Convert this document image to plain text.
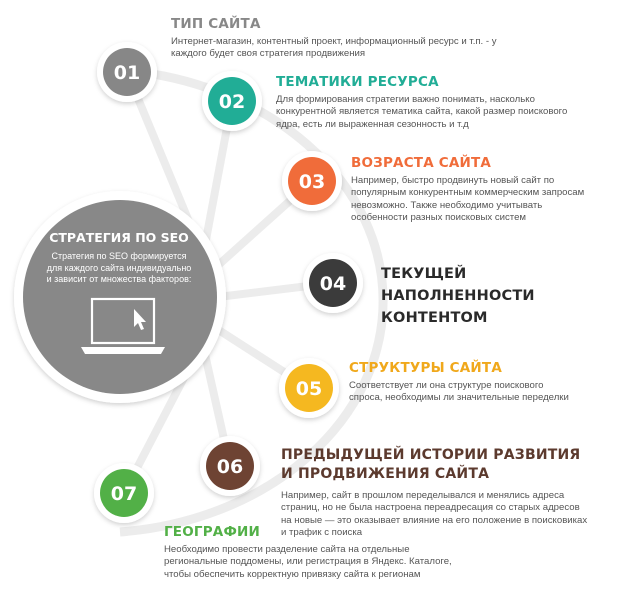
01
02
03
04
05
06
07
СТРАТЕГИЯ ПО SEO

Стратегия по SEO формируется для каждого сайта индивидуально и зависит от множества факторов:

ТИП САЙТА

Интернет-магазин, контентный проект, информационный ресурс и т.п. - у каждого будет своя стратегия продвижения

ТЕМАТИКИ РЕСУРСА

Для формирования стратегии важно понимать, насколько конкурентной является тематика сайта, какой размер поискового ядра, есть ли выраженная сезонность и т.д

ВОЗРАСТА САЙТА

Например, быстро продвинуть новый сайт по популярным конкурентным коммерческим запросам невозможно. Также необходимо учитывать особенности разных поисковых систем

ТЕКУЩЕЙ НАПОЛНЕННОСТИ КОНТЕНТОМ
СТРУКТУРЫ САЙТА

Соответствует ли она структуре поискового спроса, необходимы ли значительные переделки

ПРЕДЫДУЩЕЙ ИСТОРИИ РАЗВИТИЯ И ПРОДВИЖЕНИЯ САЙТА

Например, сайт в прошлом переделывался и менялись адреса страниц, но не была настроена переадресация со старых адресов на новые — это оказывает влияние на его положение в поисковиках и трафик с поиска

ГЕОГРАФИИ

Необходимо провести разделение сайта на отдельные региональные поддомены, или регистрация в Яндекс. Каталоге, чтобы обеспечить корректную привязку сайта к регионам
